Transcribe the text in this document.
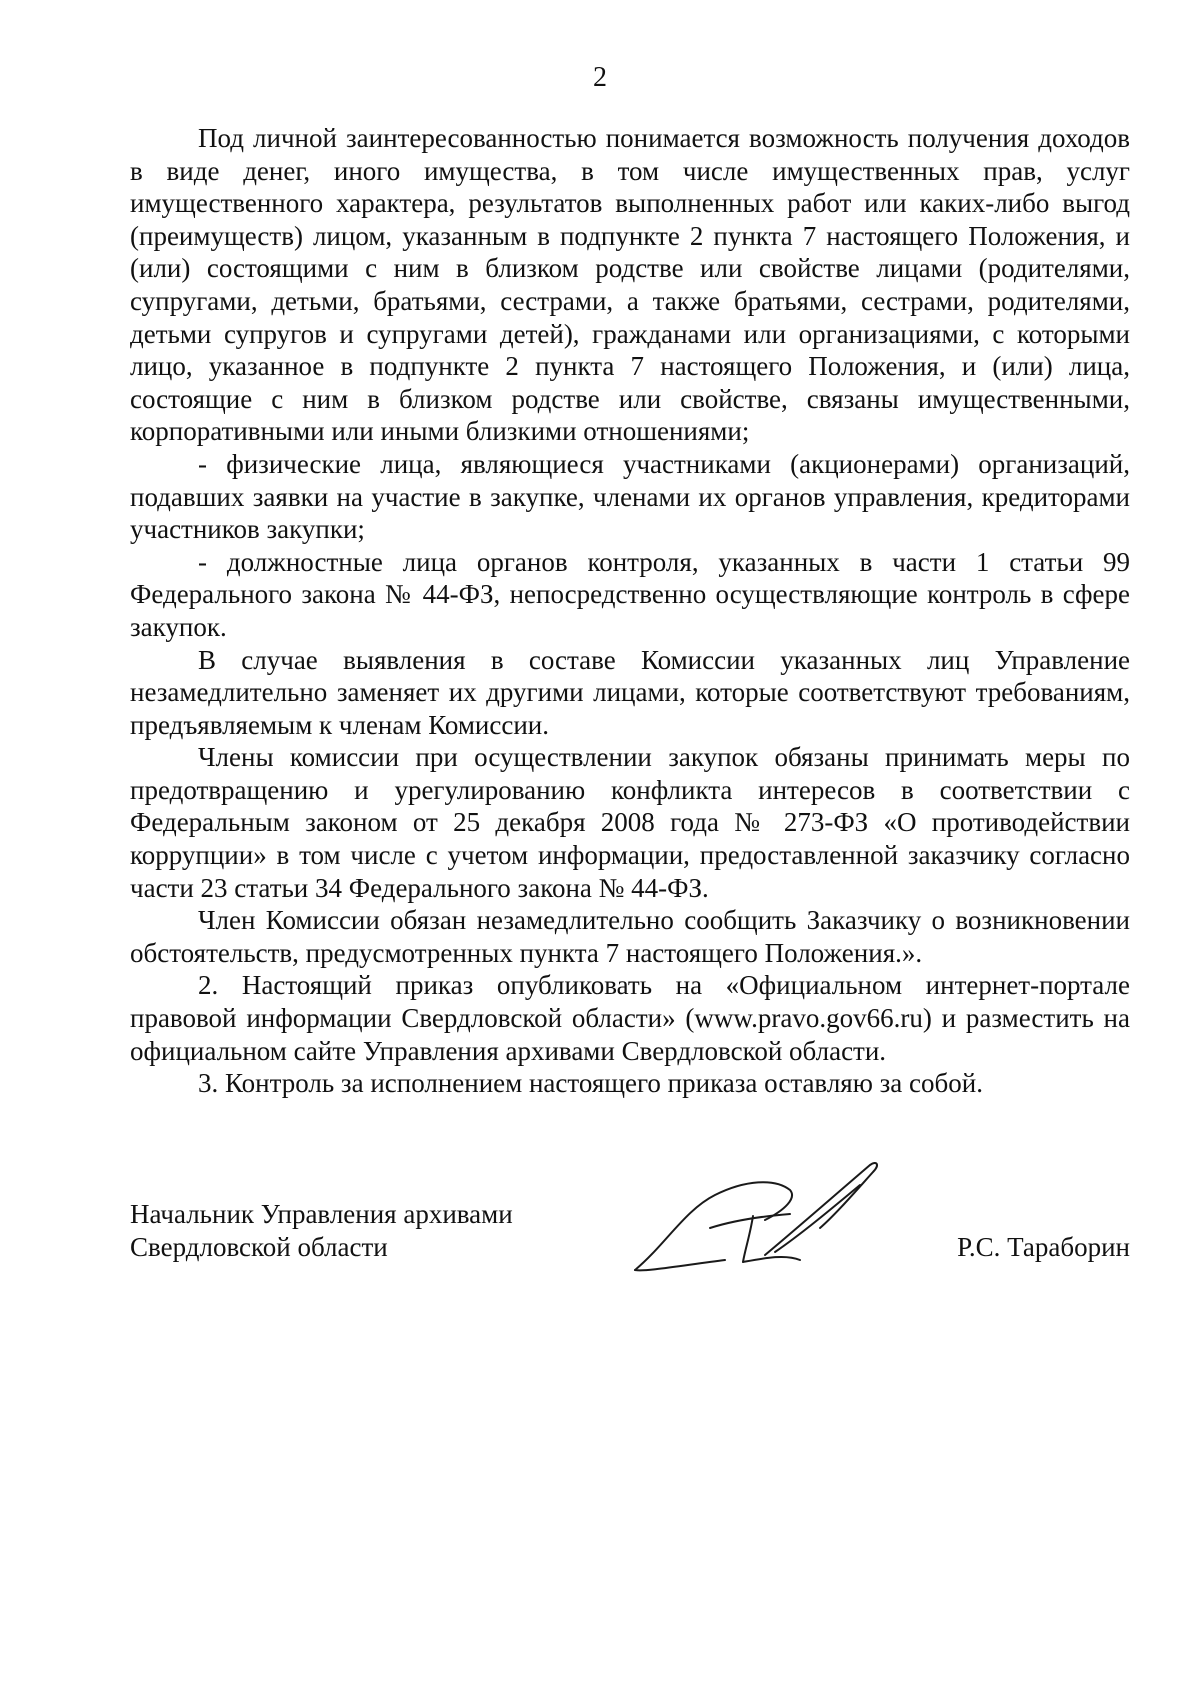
2

Под личной заинтересованностью понимается возможность получения доходов в виде денег, иного имущества, в том числе имущественных прав, услуг имущественного характера, результатов выполненных работ или каких-либо выгод (преимуществ) лицом, указанным в подпункте 2 пункта 7 настоящего Положения, и (или) состоящими с ним в близком родстве или свойстве лицами (родителями, супругами, детьми, братьями, сестрами, а также братьями, сестрами, родителями, детьми супругов и супругами детей), гражданами или организациями, с которыми лицо, указанное в подпункте 2 пункта 7 настоящего Положения, и (или) лица, состоящие с ним в близком родстве или свойстве, связаны имущественными, корпоративными или иными близкими отношениями;

- физические лица, являющиеся участниками (акционерами) организаций, подавших заявки на участие в закупке, членами их органов управления, кредиторами участников закупки;

- должностные лица органов контроля, указанных в части 1 статьи 99 Федерального закона № 44-ФЗ, непосредственно осуществляющие контроль в сфере закупок.

В случае выявления в составе Комиссии указанных лиц Управление незамедлительно заменяет их другими лицами, которые соответствуют требованиям, предъявляемым к членам Комиссии.

Члены комиссии при осуществлении закупок обязаны принимать меры по предотвращению и урегулированию конфликта интересов в соответствии с Федеральным законом от 25 декабря 2008 года № 273-ФЗ «О противодействии коррупции» в том числе с учетом информации, предоставленной заказчику согласно части 23 статьи 34 Федерального закона № 44-ФЗ.

Член Комиссии обязан незамедлительно сообщить Заказчику о возникновении обстоятельств, предусмотренных пункта 7 настоящего Положения.».

2. Настоящий приказ опубликовать на «Официальном интернет-портале правовой информации Свердловской области» (www.pravo.gov66.ru) и разместить на официальном сайте Управления архивами Свердловской области.

3. Контроль за исполнением настоящего приказа оставляю за собой.

Начальник Управления архивами
Свердловской области	Р.С. Тараборин
